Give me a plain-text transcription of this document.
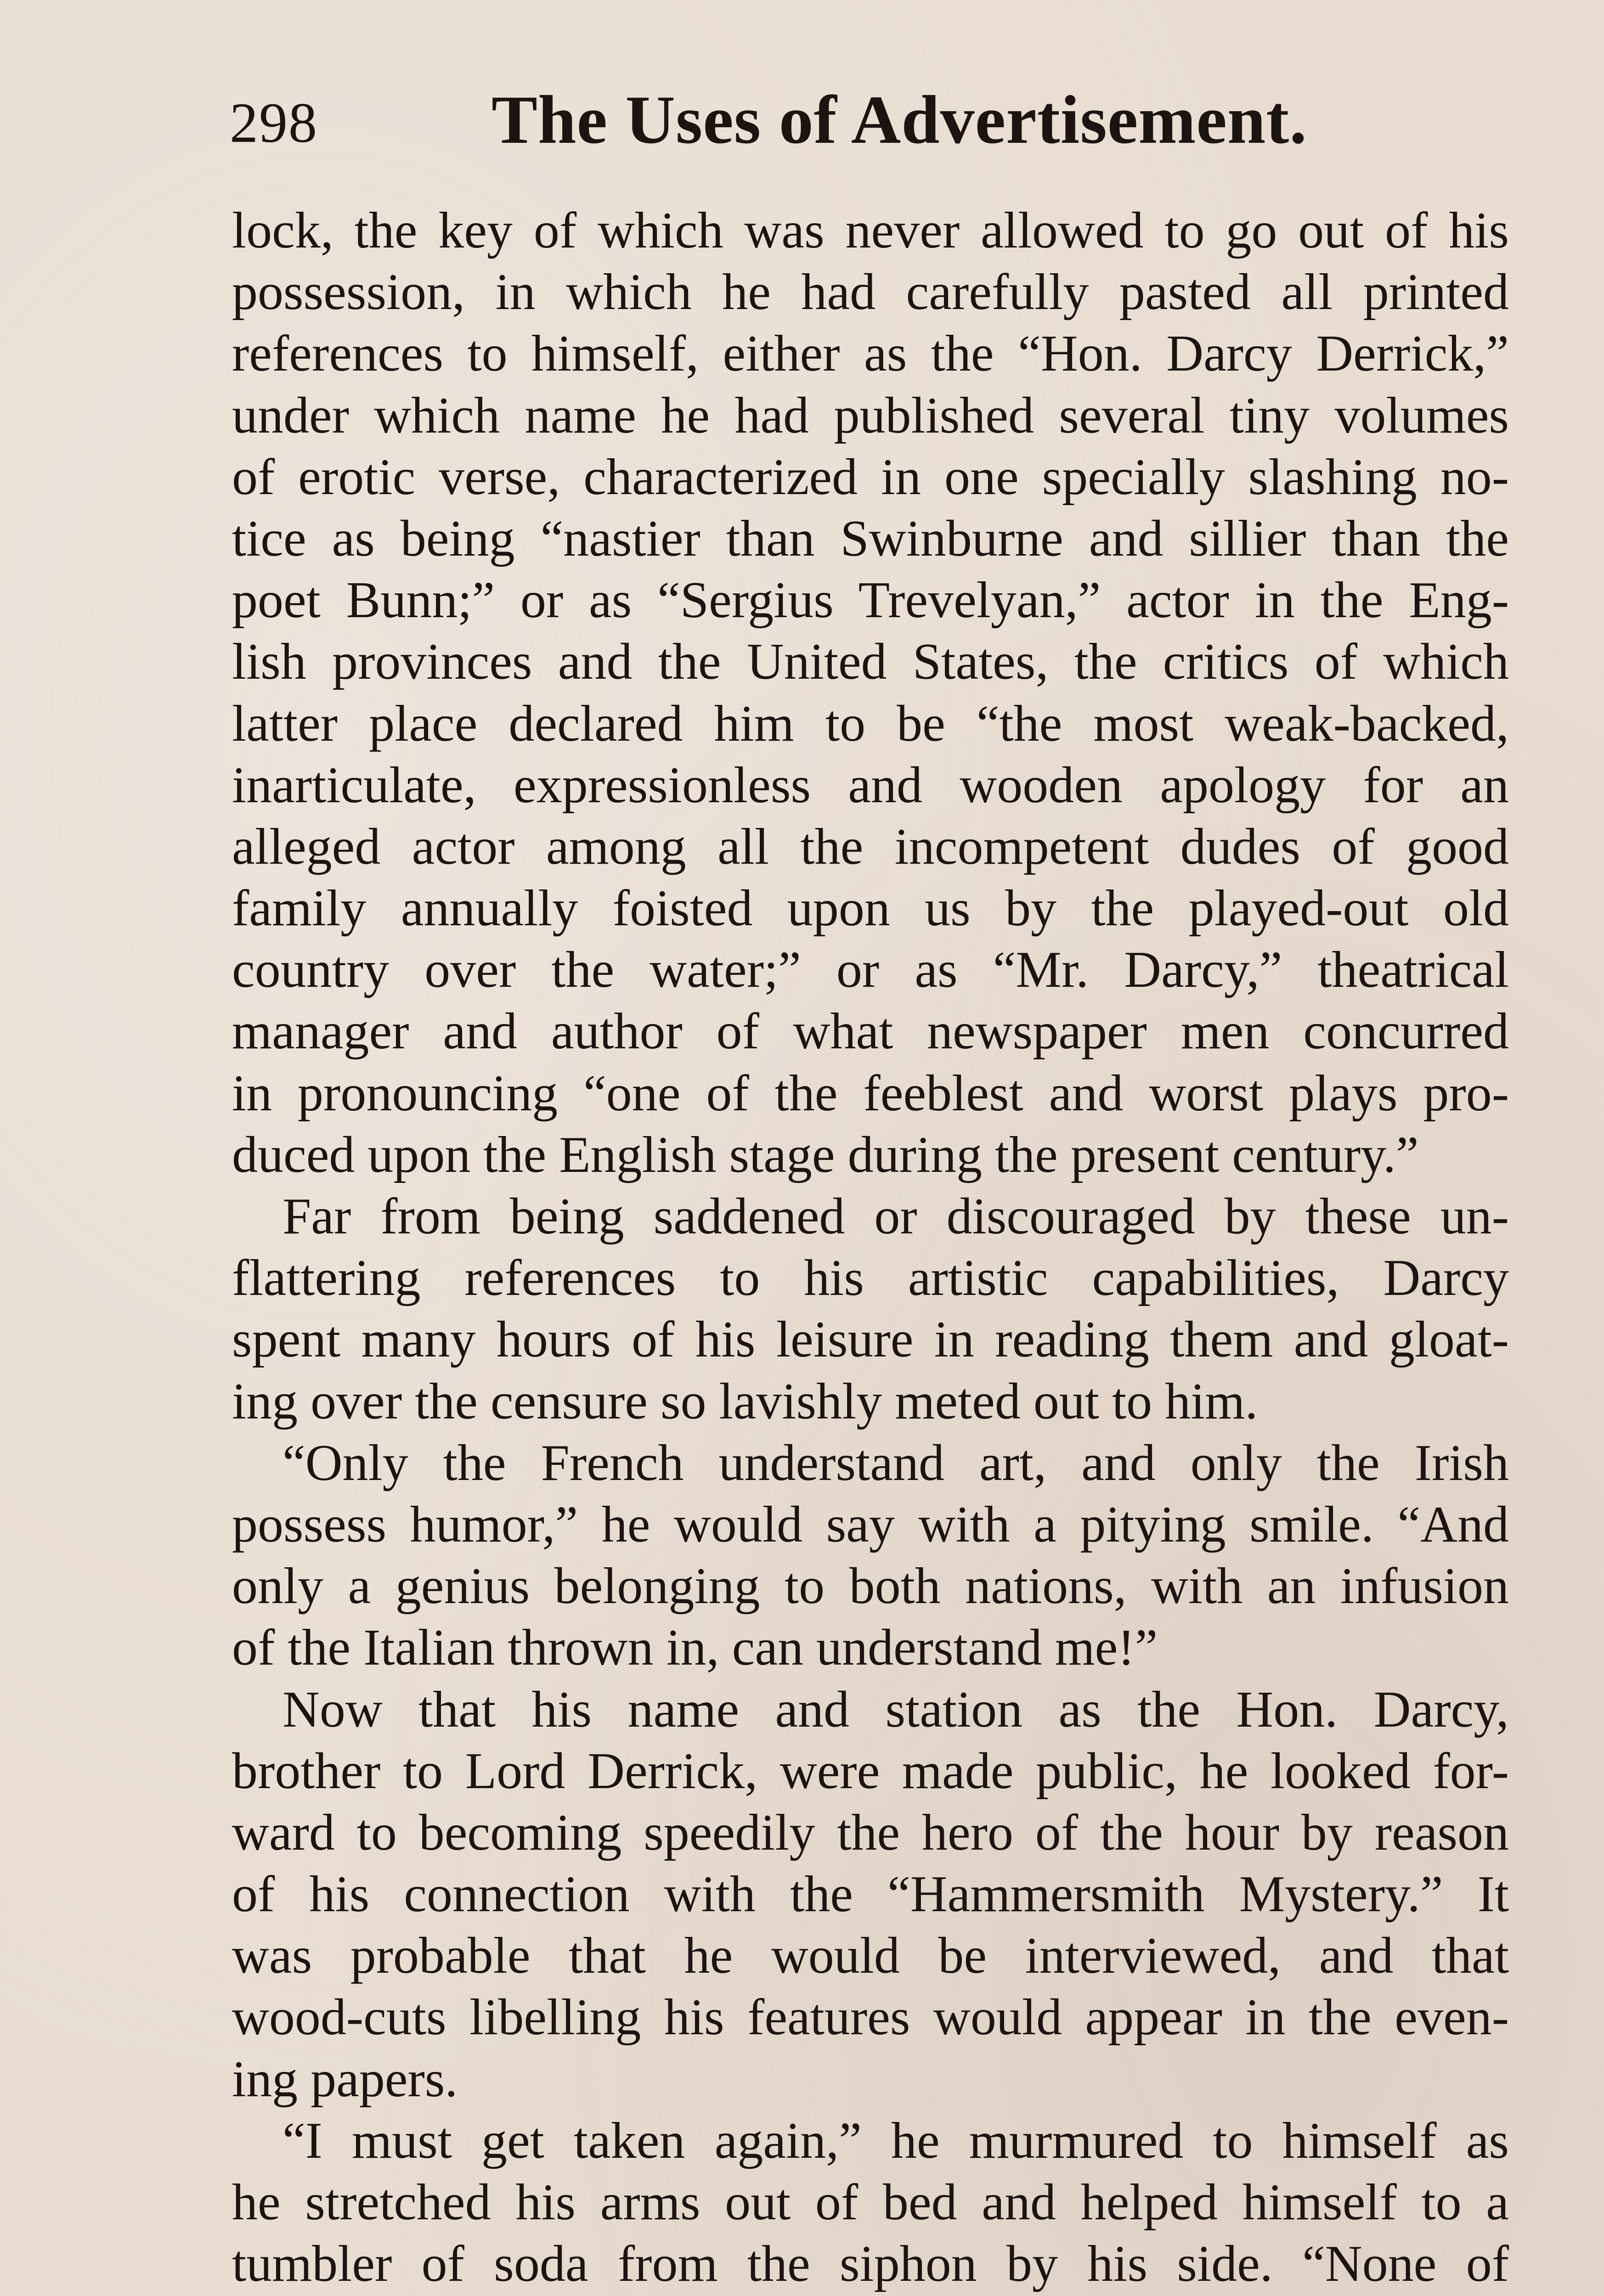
298	The Uses of Advertisement.
lock, the key of which was never allowed to go out of his
possession, in which he had carefully pasted all printed
references to himself, either as the “Hon. Darcy Derrick,”
under which name he had published several tiny volumes
of erotic verse, characterized in one specially slashing no-
tice as being “nastier than Swinburne and sillier than the
poet Bunn;” or as “Sergius Trevelyan,” actor in the Eng-
lish provinces and the United States, the critics of which
latter place declared him to be “the most weak-backed,
inarticulate, expressionless and wooden apology for an
alleged actor among all the incompetent dudes of good
family annually foisted upon us by the played-out old
country over the water;” or as “Mr. Darcy,” theatrical
manager and author of what newspaper men concurred
in pronouncing “one of the feeblest and worst plays pro-
duced upon the English stage during the present century.”
Far from being saddened or discouraged by these un-
flattering references to his artistic capabilities, Darcy
spent many hours of his leisure in reading them and gloat-
ing over the censure so lavishly meted out to him.
“Only the French understand art, and only the Irish
possess humor,” he would say with a pitying smile. “And
only a genius belonging to both nations, with an infusion
of the Italian thrown in, can understand me!”
Now that his name and station as the Hon. Darcy,
brother to Lord Derrick, were made public, he looked for-
ward to becoming speedily the hero of the hour by reason
of his connection with the “Hammersmith Mystery.” It
was probable that he would be interviewed, and that
wood-cuts libelling his features would appear in the even-
ing papers.
“I must get taken again,” he murmured to himself as
he stretched his arms out of bed and helped himself to a
tumbler of soda from the siphon by his side. “None of
